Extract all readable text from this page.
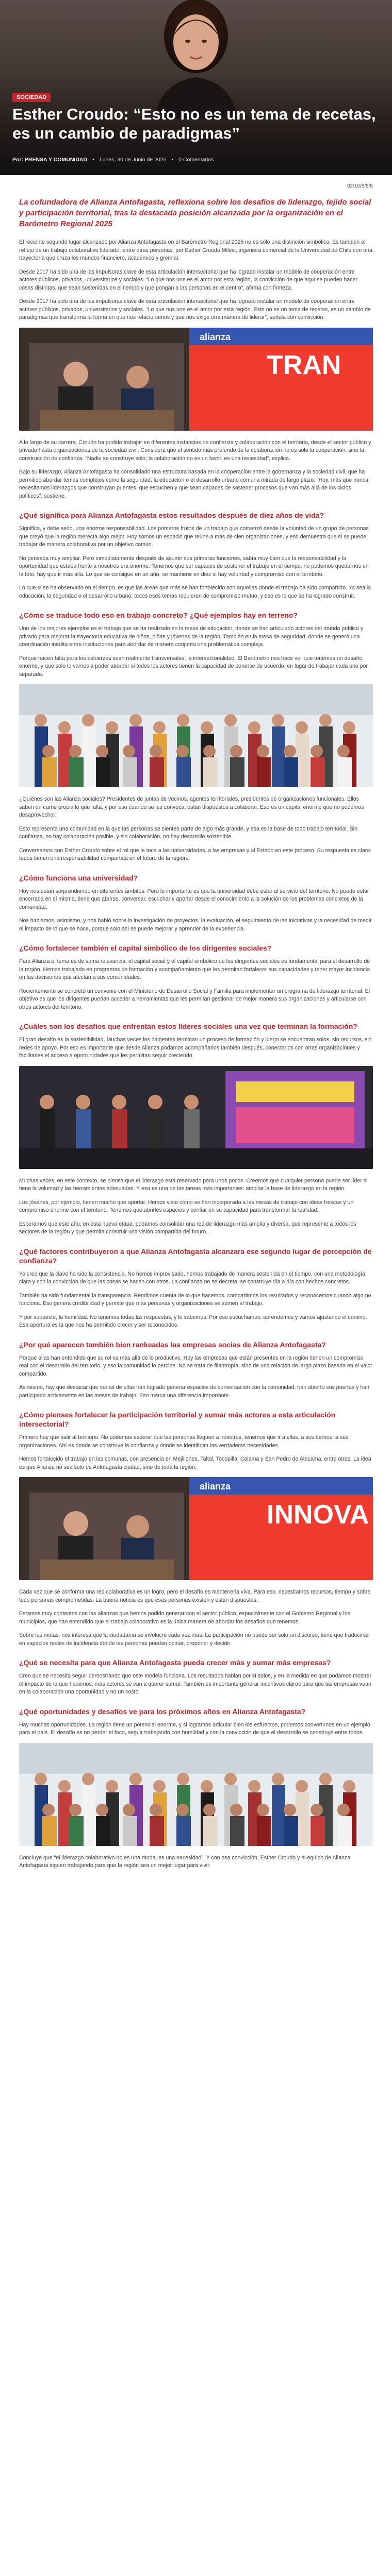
SOCIEDAD
Esther Croudo: “Esto no es un tema de recetas, es un cambio de paradigmas”
Por: PRENSA Y COMUNIDAD ▪ Lunes, 30 de Junio de 2025 ▪ 0 Comentarios
02/16/8/8/8
La cofundadora de Alianza Antofagasta, reflexiona sobre los desafíos de liderazgo, tejido social y participación territorial, tras la destacada posición alcanzada por la organización en el Barómetro Regional 2025

El reciente segundo lugar alcanzado por Alianza Antofagasta en el Barómetro Regional 2025 no es sólo una distinción simbólica. Es también el reflejo de un trabajo colaborativo liderado, entre otras personas, por Esther Croudo Milesi, ingeniera comercial de la Universidad de Chile con una trayectoria que cruza los mundos financiero, académico y gremial.

Desde 2017 ha sido una de las impulsoras clave de esta articulación intersectorial que ha logrado instalar un modelo de cooperación entre actores públicos, privados, universitarios y sociales. “Lo que nos une es el amor por esta región, la convicción de que aquí se pueden hacer cosas distintas, que sean sostenidas en el tiempo y que pongan a las personas en el centro”, afirma con firmeza.

Desde 2017 ha sido una de las impulsoras clave de esta articulación intersectorial que ha logrado instalar un modelo de cooperación entre actores públicos, privados, universitarios y sociales. “Lo que nos une es el amor por esta región. Esto no es un tema de recetas, es un cambio de paradigmas que transforma la forma en que nos relacionamos y que nos exige otra manera de liderar”, señala con convicción.

alianza
TRAN

A lo largo de su carrera, Croudo ha podido trabajar en diferentes instancias de confianza y colaboración con el territorio, desde el sector público y privado hasta organizaciones de la sociedad civil. Considera que el sentido más profundo de la colaboración no es solo la cooperación, sino la construcción de confianza. “Nadie se construye solo; la colaboración no es un favor, es una necesidad”, explica.

Bajo su liderazgo, Alianza Antofagasta ha consolidado una estructura basada en la cooperación entre la gobernanza y la sociedad civil, que ha permitido abordar temas complejos como la seguridad, la educación o el desarrollo urbano con una mirada de largo plazo. “Hoy, más que nunca, necesitamos liderazgos que construyan puentes, que escuchen y que sean capaces de sostener procesos que van más allá de los ciclos políticos”, sostiene.

¿Qué significa para Alianza Antofagasta estos resultados después de diez años de vida?

Significa, y debe serlo, una enorme responsabilidad. Los primeros frutos de un trabajo que comenzó desde la voluntad de un grupo de personas que creyó que la región merecía algo mejor. Hoy somos un espacio que reúne a más de cien organizaciones, y eso demuestra que sí se puede trabajar de manera colaborativa por un objetivo común.

No pensaba muy ampliar. Pero inmediatamente después de asumir sus primeras funciones, sabía muy bien que la responsabilidad y la oportunidad que estaba frente a nosotros era enorme. Tenemos que ser capaces de sostener el trabajo en el tiempo, no podemos quedarnos en la foto, hay que ir más allá. Lo que se consigue en un año, se mantiene en diez si hay voluntad y compromiso con el territorio.

Lo que sí se ha observado en el tiempo, es que las áreas que más se han fortalecido son aquellas donde el trabajo ha sido compartido. Ya sea la educación, la seguridad o el desarrollo urbano, todos esos temas requieren de compromiso mutuo, y eso es lo que se ha logrado construir.

¿Cómo se traduce todo eso en trabajo concreto? ¿Qué ejemplos hay en terreno?

Uno de los mejores ejemplos es el trabajo que se ha realizado en la mesa de educación, donde se han articulado actores del mundo público y privado para mejorar la trayectoria educativa de niños, niñas y jóvenes de la región. También en la mesa de seguridad, donde se generó una coordinación inédita entre instituciones para abordar de manera conjunta una problemática compleja.

Porque hacen falta para los esfuerzos sean realmente transversales, la intersectorialidad. El Barómetro nos hace ver que tenemos un desafío enorme, y que sólo lo vamos a poder abordar si todos los actores tienen la capacidad de ponerse de acuerdo, en lugar de trabajar cada uno por separado.

¿Quiénes son las Alianza sociales? Presidentes de juntas de vecinos, agentes territoriales, presidentes de organizaciones funcionales. Ellos saben en carne propia lo que falta, y por eso cuando se les convoca, están dispuestos a colaborar. Eso es un capital enorme que no podemos desaprovechar.

Esto representa una comunidad en la que las personas se sienten parte de algo más grande, y esa es la base de todo trabajo territorial. Sin confianza, no hay colaboración posible, y sin colaboración, no hay desarrollo sostenible.

Conversamos con Esther Croudo sobre el rol que le toca a las universidades, a las empresas y al Estado en este proceso. Su respuesta es clara: todos tienen una responsabilidad compartida en el futuro de la región.

¿Cómo funciona una universidad?

Hoy nos están sorprendiendo en diferentes ámbitos. Pero lo importante es que la universidad debe estar al servicio del territorio. No puede estar encerrada en sí misma, tiene que abrirse, conversar, escuchar y aportar desde el conocimiento a la solución de los problemas concretos de la comunidad.

Nos hablamos, asimismo, y nos habló sobre la investigación de proyectos, la evaluación, el seguimiento de las iniciativas y la necesidad de medir el impacto de lo que se hace, porque solo así se puede mejorar y aprender de la experiencia.

¿Cómo fortalecer también el capital simbólico de los dirigentes sociales?

Para Alianza el tema es de suma relevancia, el capital social y el capital simbólico de los dirigentes sociales es fundamental para el desarrollo de la región. Hemos trabajado en programas de formación y acompañamiento que les permitan fortalecer sus capacidades y tener mayor incidencia en las decisiones que afectan a sus comunidades.

Recientemente se concretó un convenio con el Ministerio de Desarrollo Social y Familia para implementar un programa de liderazgo territorial. El objetivo es que los dirigentes puedan acceder a herramientas que les permitan gestionar de mejor manera sus organizaciones y articularse con otros actores del territorio.

¿Cuáles son los desafíos que enfrentan estos líderes sociales una vez que terminan la formación?

El gran desafío es la sostenibilidad. Muchas veces los dirigentes terminan un proceso de formación y luego se encuentran solos, sin recursos, sin redes de apoyo. Por eso es importante que desde Alianza podamos acompañarlos también después, conectarlos con otras organizaciones y facilitarles el acceso a oportunidades que les permitan seguir creciendo.

Muchas veces, en este contexto, se piensa que el liderazgo está reservado para unos pocos. Creemos que cualquier persona puede ser líder si tiene la voluntad y las herramientas adecuadas. Y esa es una de las tareas más importantes: ampliar la base de liderazgo en la región.

Los jóvenes, por ejemplo, tienen mucho que aportar. Hemos visto cómo se han incorporado a las mesas de trabajo con ideas frescas y un compromiso enorme con el territorio. Tenemos que abrirles espacios y confiar en su capacidad para transformar la realidad.

Esperamos que este año, en esta nueva etapa, podamos consolidar una red de liderazgo más amplia y diversa, que represente a todos los sectores de la región y que permita construir una visión compartida del futuro.

¿Qué factores contribuyeron a que Alianza Antofagasta alcanzara ese segundo lugar de percepción de confianza?

Yo creo que la clave ha sido la consistencia. No hemos improvisado, hemos trabajado de manera sostenida en el tiempo, con una metodología clara y con la convicción de que las cosas se hacen con otros. La confianza no se decreta, se construye día a día con hechos concretos.

También ha sido fundamental la transparencia. Rendimos cuenta de lo que hacemos, compartimos los resultados y reconocemos cuando algo no funciona. Eso genera credibilidad y permite que más personas y organizaciones se sumen al trabajo.

Y por supuesto, la humildad. No tenemos todas las respuestas, y lo sabemos. Por eso escuchamos, aprendemos y vamos ajustando el camino. Esa apertura es la que nos ha permitido crecer y ser reconocidos.

¿Por qué aparecen también bien rankeadas las empresas socias de Alianza Antofagasta?

Porque ellas han entendido que su rol va más allá de lo productivo. Hoy las empresas que están presentes en la región tienen un compromiso real con el desarrollo del territorio, y eso la comunidad lo percibe. No se trata de filantropía, sino de una relación de largo plazo basada en el valor compartido.

Asimismo, hay que destacar que varias de ellas han logrado generar espacios de conversación con la comunidad, han abierto sus puertas y han participado activamente en las mesas de trabajo. Eso marca una diferencia importante.

¿Cómo pienses fortalecer la participación territorial y sumar más actores a esta articulación intersectorial?

Primero hay que salir al territorio. No podemos esperar que las personas lleguen a nosotros, tenemos que ir a ellas, a sus barrios, a sus organizaciones. Ahí es donde se construye la confianza y donde se identifican las verdaderas necesidades.

Hemos fortalecido el trabajo en las comunas, con presencia en Mejillones, Taltal, Tocopilla, Calama y San Pedro de Atacama, entre otras. La idea es que Alianza no sea solo de Antofagasta ciudad, sino de toda la región.

alianza
INNOVA

Cada vez que se conforma una red colaborativa es un logro, pero el desafío es mantenerla viva. Para eso, necesitamos recursos, tiempo y sobre todo personas comprometidas. La buena noticia es que esas personas existen y están dispuestas.

Estamos muy contentos con las alianzas que hemos podido generar con el sector público, especialmente con el Gobierno Regional y los municipios, que han entendido que el trabajo colaborativo es la única manera de abordar los desafíos que tenemos.

Sobre las metas, nos interesa que la ciudadanía se involucre cada vez más. La participación no puede ser solo un discurso, tiene que traducirse en espacios reales de incidencia donde las personas puedan opinar, proponer y decidir.

¿Qué se necesita para que Alianza Antofagasta pueda crecer más y sumar más empresas?

Creo que se necesita seguir demostrando que este modelo funciona. Los resultados hablan por sí solos, y en la medida en que podamos mostrar el impacto de lo que hacemos, más actores se van a querer sumar. También es importante generar incentivos claros para que las empresas vean en la colaboración una oportunidad y no un costo.

¿Qué oportunidades y desafíos ve para los próximos años en Alianza Antofagasta?

Hay muchas oportunidades. La región tiene un potencial enorme, y si logramos articular bien los esfuerzos, podemos convertirnos en un ejemplo para el país. El desafío es no perder el foco, seguir trabajando con humildad y con la convicción de que el desarrollo se construye entre todos.

Concluye que “el liderazgo colaborativo no es una moda, es una necesidad”. Y con esa convicción, Esther Croudo y el equipo de Alianza Antofagasta siguen trabajando para que la región sea un mejor lugar para vivir.
